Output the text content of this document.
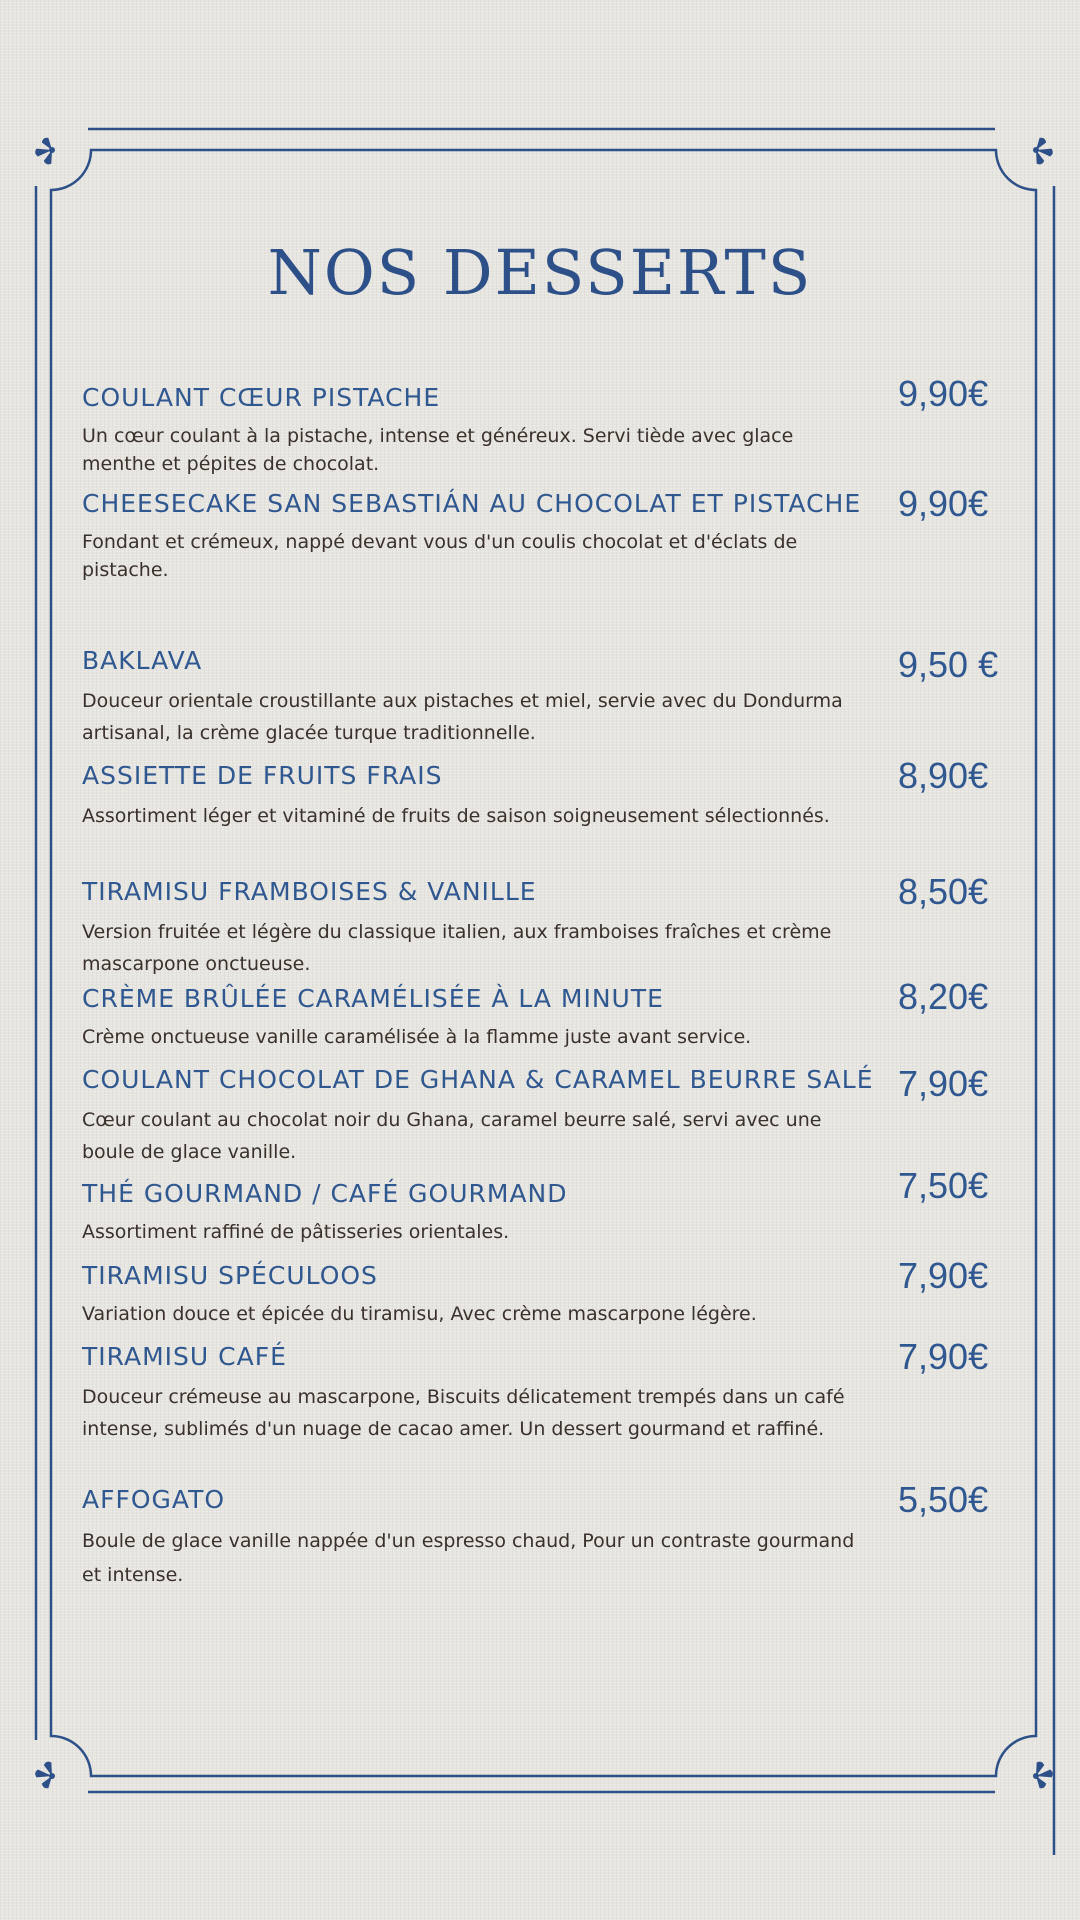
NOS DESSERTS
COULANT CŒUR PISTACHE
Un cœur coulant à la pistache, intense et généreux. Servi tiède avec glace menthe et pépites de chocolat.
9,90€
CHEESECAKE SAN SEBASTIÁN AU CHOCOLAT ET PISTACHE
Fondant et crémeux, nappé devant vous d'un coulis chocolat et d'éclats de pistache.
9,90€
BAKLAVA
Douceur orientale croustillante aux pistaches et miel, servie avec du Dondurma artisanal, la crème glacée turque traditionnelle.
9,50 €
ASSIETTE DE FRUITS FRAIS
Assortiment léger et vitaminé de fruits de saison soigneusement sélectionnés.
8,90€
TIRAMISU FRAMBOISES & VANILLE
Version fruitée et légère du classique italien, aux framboises fraîches et crème mascarpone onctueuse.
8,50€
CRÈME BRÛLÉE CARAMÉLISÉE À LA MINUTE
Crème onctueuse vanille caramélisée à la flamme juste avant service.
8,20€
COULANT CHOCOLAT DE GHANA & CARAMEL BEURRE SALÉ
Cœur coulant au chocolat noir du Ghana, caramel beurre salé, servi avec une boule de glace vanille.
7,90€
THÉ GOURMAND / CAFÉ GOURMAND
Assortiment raffiné de pâtisseries orientales.
7,50€
TIRAMISU SPÉCULOOS
Variation douce et épicée du tiramisu, Avec crème mascarpone légère.
7,90€
TIRAMISU CAFÉ
Douceur crémeuse au mascarpone, Biscuits délicatement trempés dans un café intense, sublimés d'un nuage de cacao amer. Un dessert gourmand et raffiné.
7,90€
AFFOGATO
Boule de glace vanille nappée d'un espresso chaud, Pour un contraste gourmand et intense.
5,50€
